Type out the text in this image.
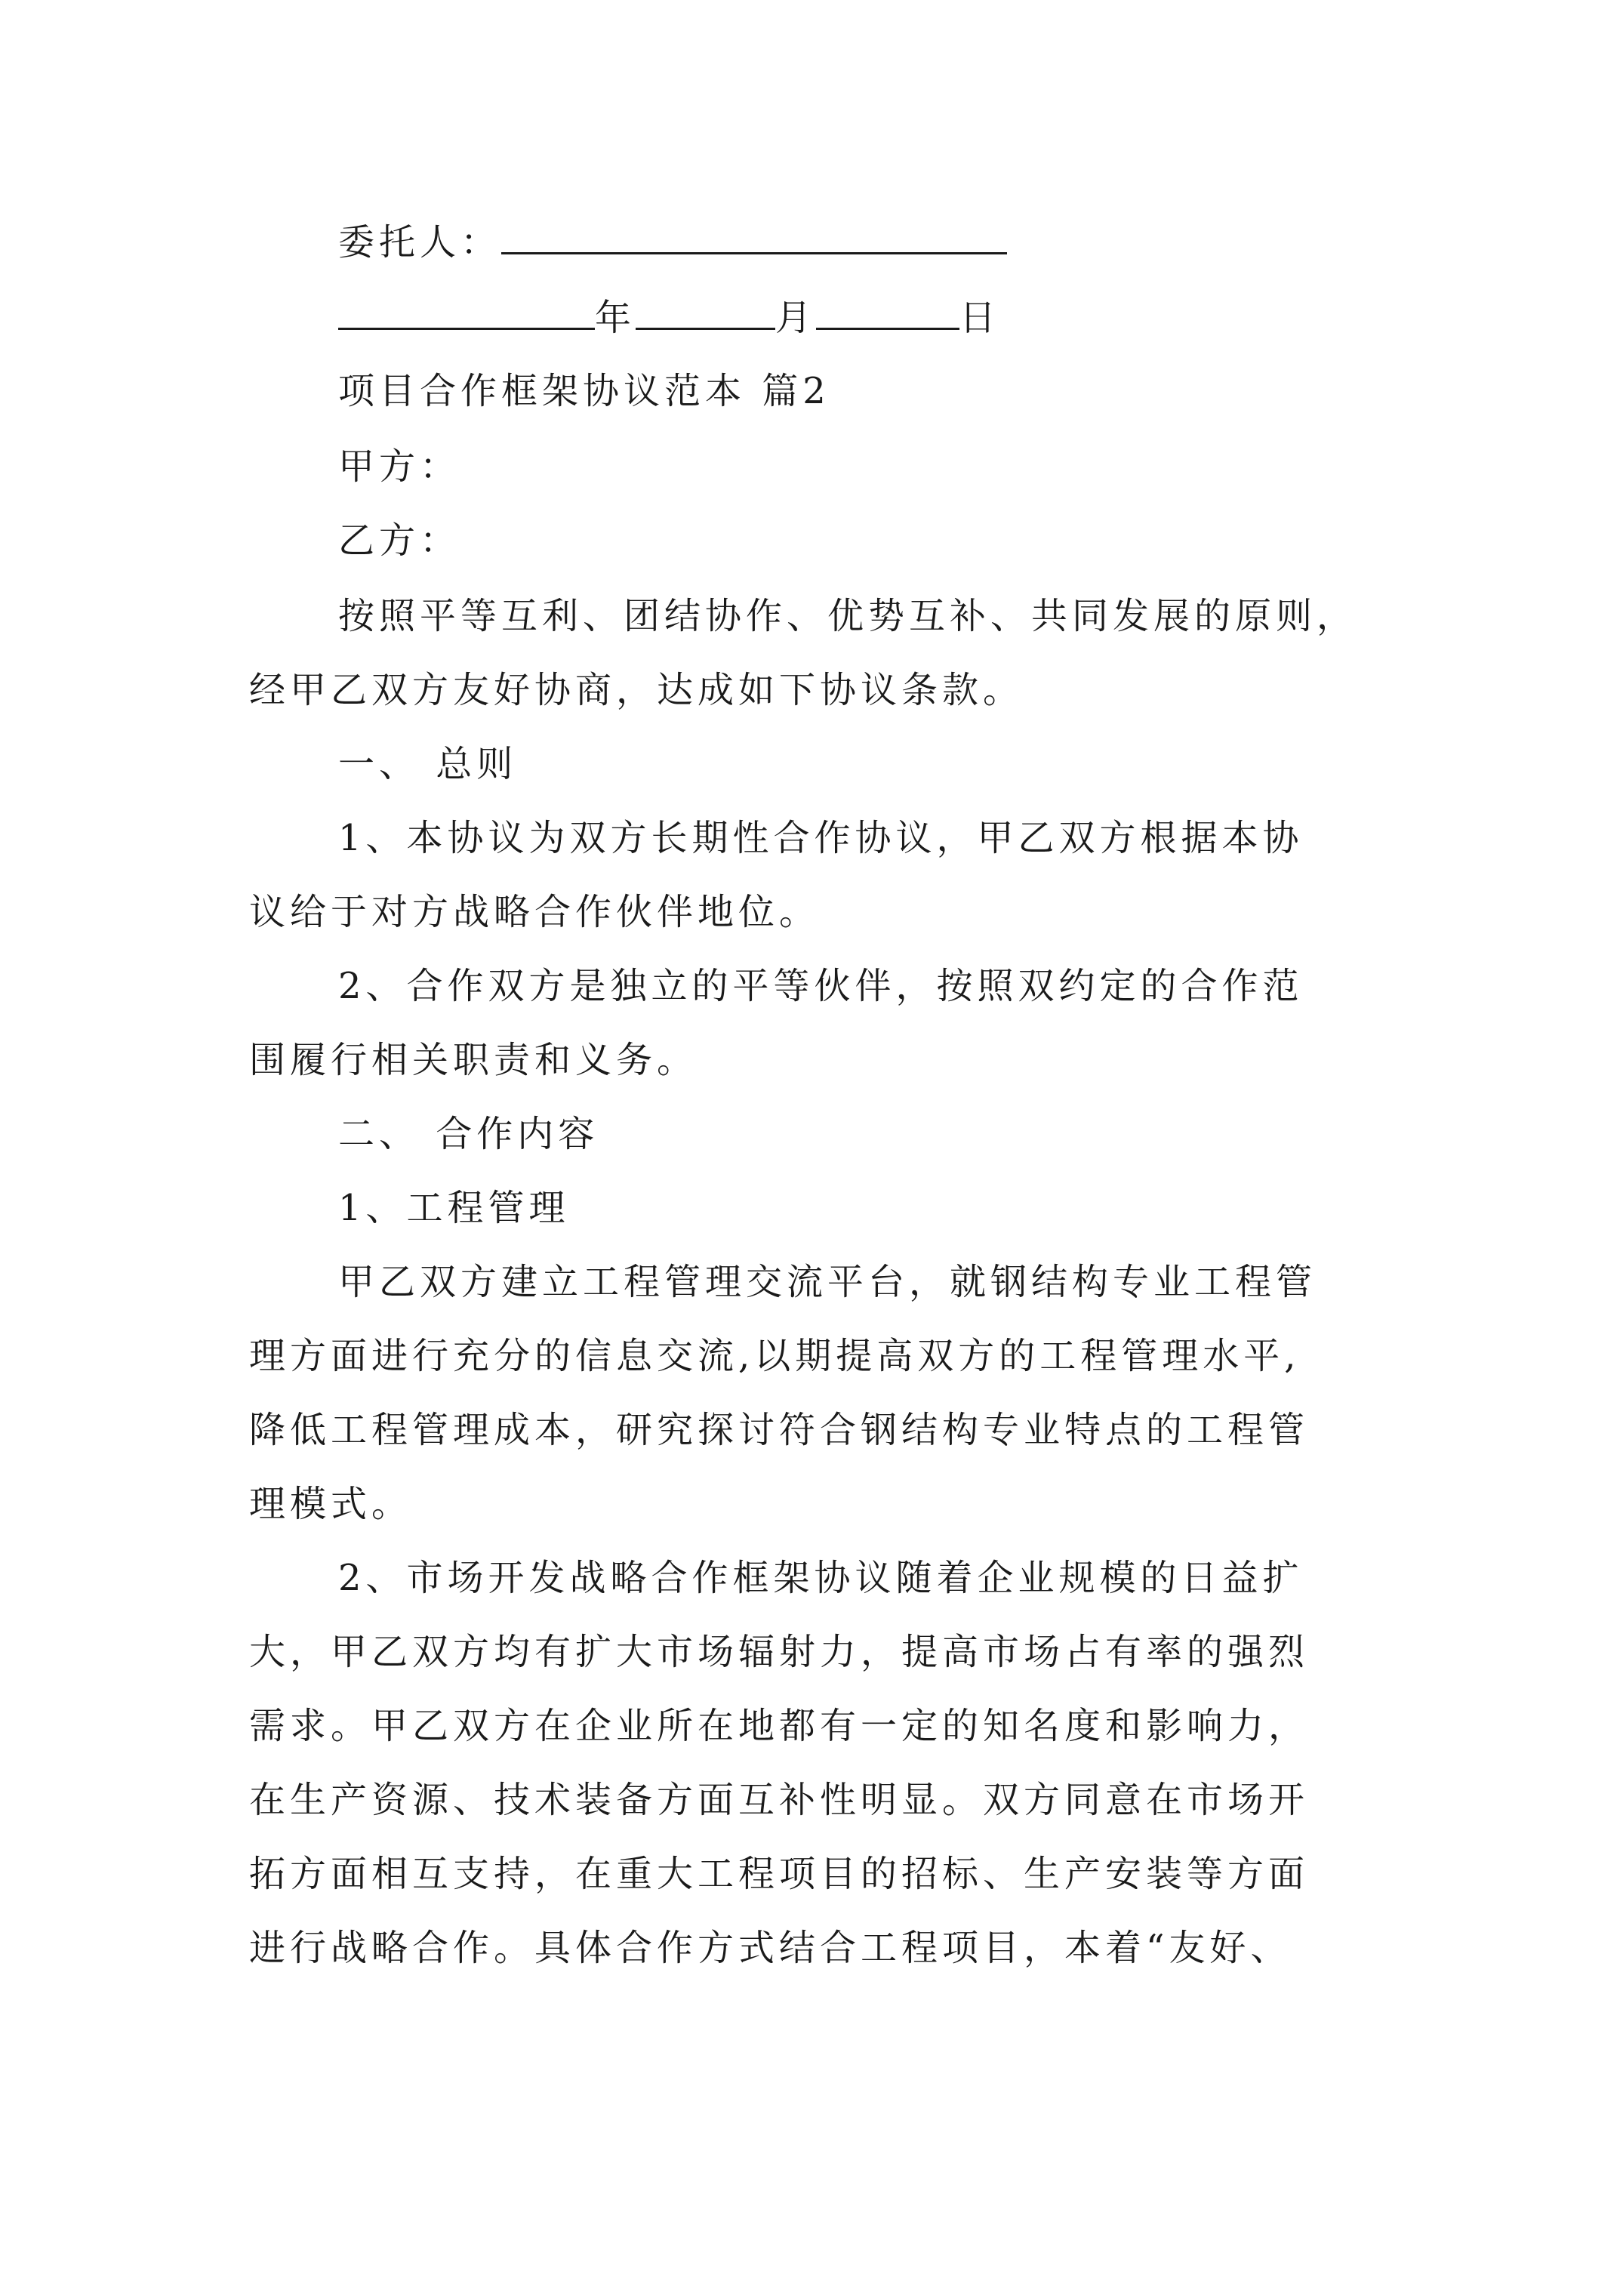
委托人：
年	月	日
项目合作框架协议范本 篇2
甲方：
乙方：
按照平等互利、团结协作、优势互补、共同发展的原则，
经甲乙双方友好协商，达成如下协议条款。
一、 总则
1、本协议为双方长期性合作协议，甲乙双方根据本协
议给于对方战略合作伙伴地位。
2、合作双方是独立的平等伙伴，按照双约定的合作范
围履行相关职责和义务。
二、 合作内容
1、工程管理
甲乙双方建立工程管理交流平台，就钢结构专业工程管
理方面进行充分的信息交流,以期提高双方的工程管理水平,
降低工程管理成本，研究探讨符合钢结构专业特点的工程管
理模式。
2、市场开发战略合作框架协议随着企业规模的日益扩
大，甲乙双方均有扩大市场辐射力，提高市场占有率的强烈
需求。甲乙双方在企业所在地都有一定的知名度和影响力，
在生产资源、技术装备方面互补性明显。双方同意在市场开
拓方面相互支持，在重大工程项目的招标、生产安装等方面
进行战略合作。具体合作方式结合工程项目，本着“友好、
